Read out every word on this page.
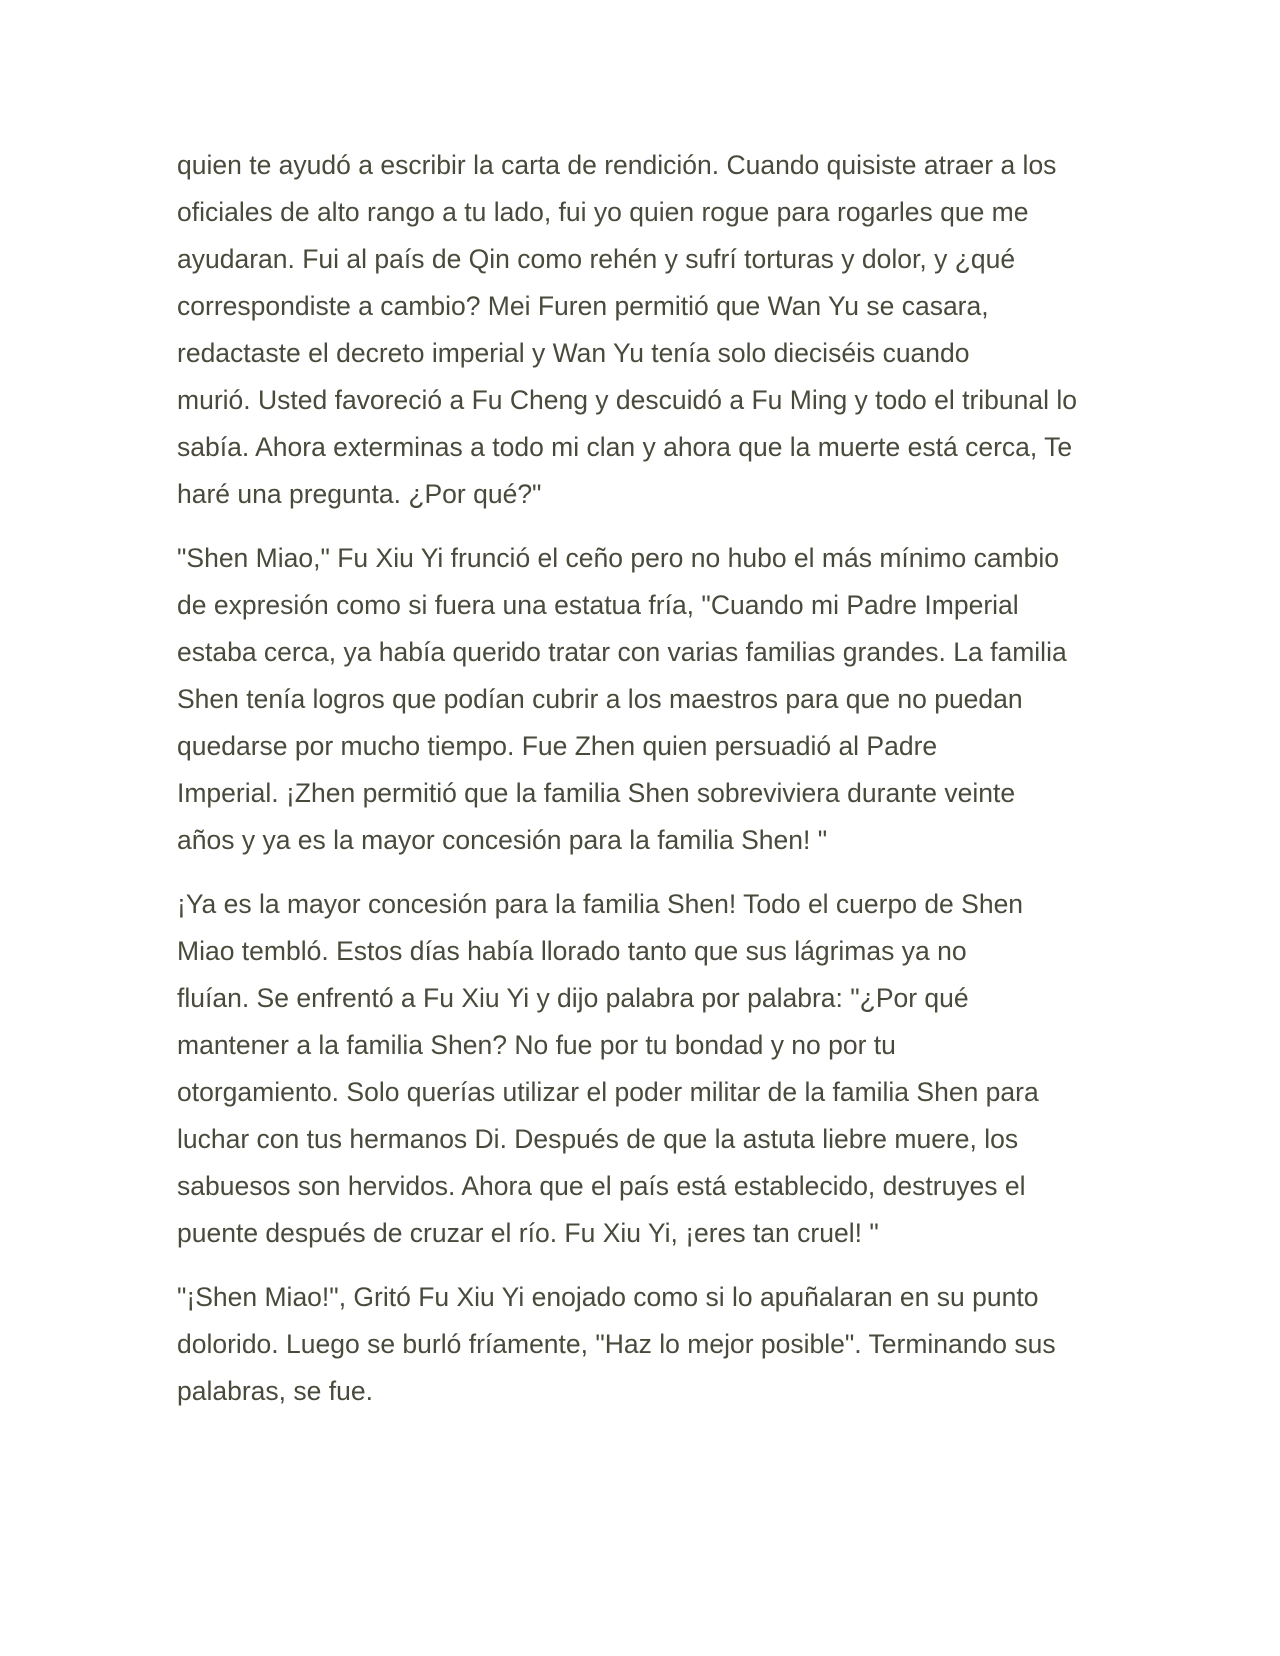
quien te ayudó a escribir la carta de rendición. Cuando quisiste atraer a los
oficiales de alto rango a tu lado, fui yo quien rogue para rogarles que me
ayudaran. Fui al país de Qin como rehén y sufrí torturas y dolor, y ¿qué
correspondiste a cambio? Mei Furen permitió que Wan Yu se casara,
redactaste el decreto imperial y Wan Yu tenía solo dieciséis cuando
murió. Usted favoreció a Fu Cheng y descuidó a Fu Ming y todo el tribunal lo
sabía. Ahora exterminas a todo mi clan y ahora que la muerte está cerca, Te
haré una pregunta. ¿Por qué?"
"Shen Miao," Fu Xiu Yi frunció el ceño pero no hubo el más mínimo cambio
de expresión como si fuera una estatua fría, "Cuando mi Padre Imperial
estaba cerca, ya había querido tratar con varias familias grandes. La familia
Shen tenía logros que podían cubrir a los maestros para que no puedan
quedarse por mucho tiempo. Fue Zhen quien persuadió al Padre
Imperial. ¡Zhen permitió que la familia Shen sobreviviera durante veinte
años y ya es la mayor concesión para la familia Shen! "
¡Ya es la mayor concesión para la familia Shen! Todo el cuerpo de Shen
Miao tembló. Estos días había llorado tanto que sus lágrimas ya no
fluían. Se enfrentó a Fu Xiu Yi y dijo palabra por palabra: "¿Por qué
mantener a la familia Shen? No fue por tu bondad y no por tu
otorgamiento. Solo querías utilizar el poder militar de la familia Shen para
luchar con tus hermanos Di. Después de que la astuta liebre muere, los
sabuesos son hervidos. Ahora que el país está establecido, destruyes el
puente después de cruzar el río. Fu Xiu Yi, ¡eres tan cruel! "
"¡Shen Miao!", Gritó Fu Xiu Yi enojado como si lo apuñalaran en su punto
dolorido. Luego se burló fríamente, "Haz lo mejor posible". Terminando sus
palabras, se fue.
